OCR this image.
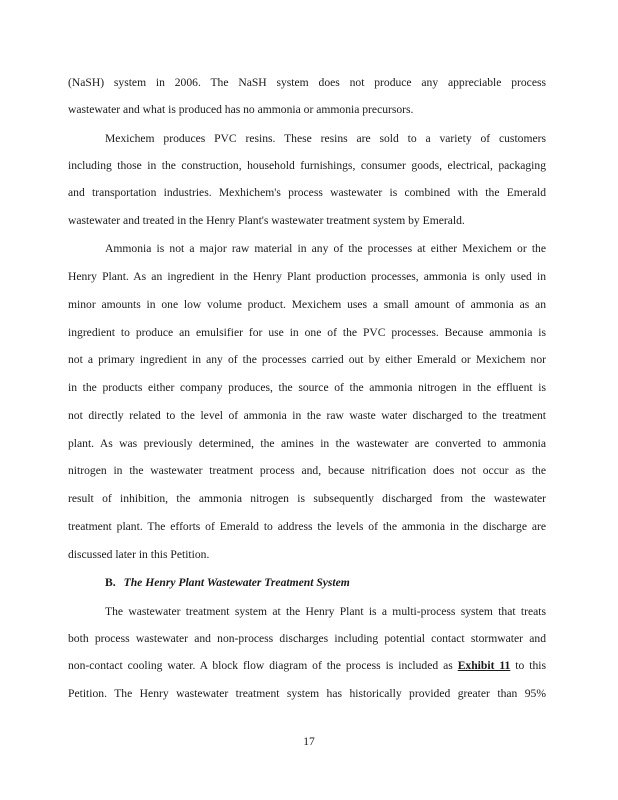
(NaSH) system in 2006. The NaSH system does not produce any appreciable process
wastewater and what is produced has no ammonia or ammonia precursors.
Mexichem produces PVC resins. These resins are sold to a variety of customers
including those in the construction, household furnishings, consumer goods, electrical, packaging
and transportation industries. Mexhichem's process wastewater is combined with the Emerald
wastewater and treated in the Henry Plant's wastewater treatment system by Emerald.
Ammonia is not a major raw material in any of the processes at either Mexichem or the
Henry Plant. As an ingredient in the Henry Plant production processes, ammonia is only used in
minor amounts in one low volume product. Mexichem uses a small amount of ammonia as an
ingredient to produce an emulsifier for use in one of the PVC processes. Because ammonia is
not a primary ingredient in any of the processes carried out by either Emerald or Mexichem nor
in the products either company produces, the source of the ammonia nitrogen in the effluent is
not directly related to the level of ammonia in the raw waste water discharged to the treatment
plant. As was previously determined, the amines in the wastewater are converted to ammonia
nitrogen in the wastewater treatment process and, because nitrification does not occur as the
result of inhibition, the ammonia nitrogen is subsequently discharged from the wastewater
treatment plant. The efforts of Emerald to address the levels of the ammonia in the discharge are
discussed later in this Petition.
B. The Henry Plant Wastewater Treatment System
The wastewater treatment system at the Henry Plant is a multi-process system that treats
both process wastewater and non-process discharges including potential contact stormwater and
non-contact cooling water. A block flow diagram of the process is included as Exhibit 11 to this
Petition. The Henry wastewater treatment system has historically provided greater than 95%
17
